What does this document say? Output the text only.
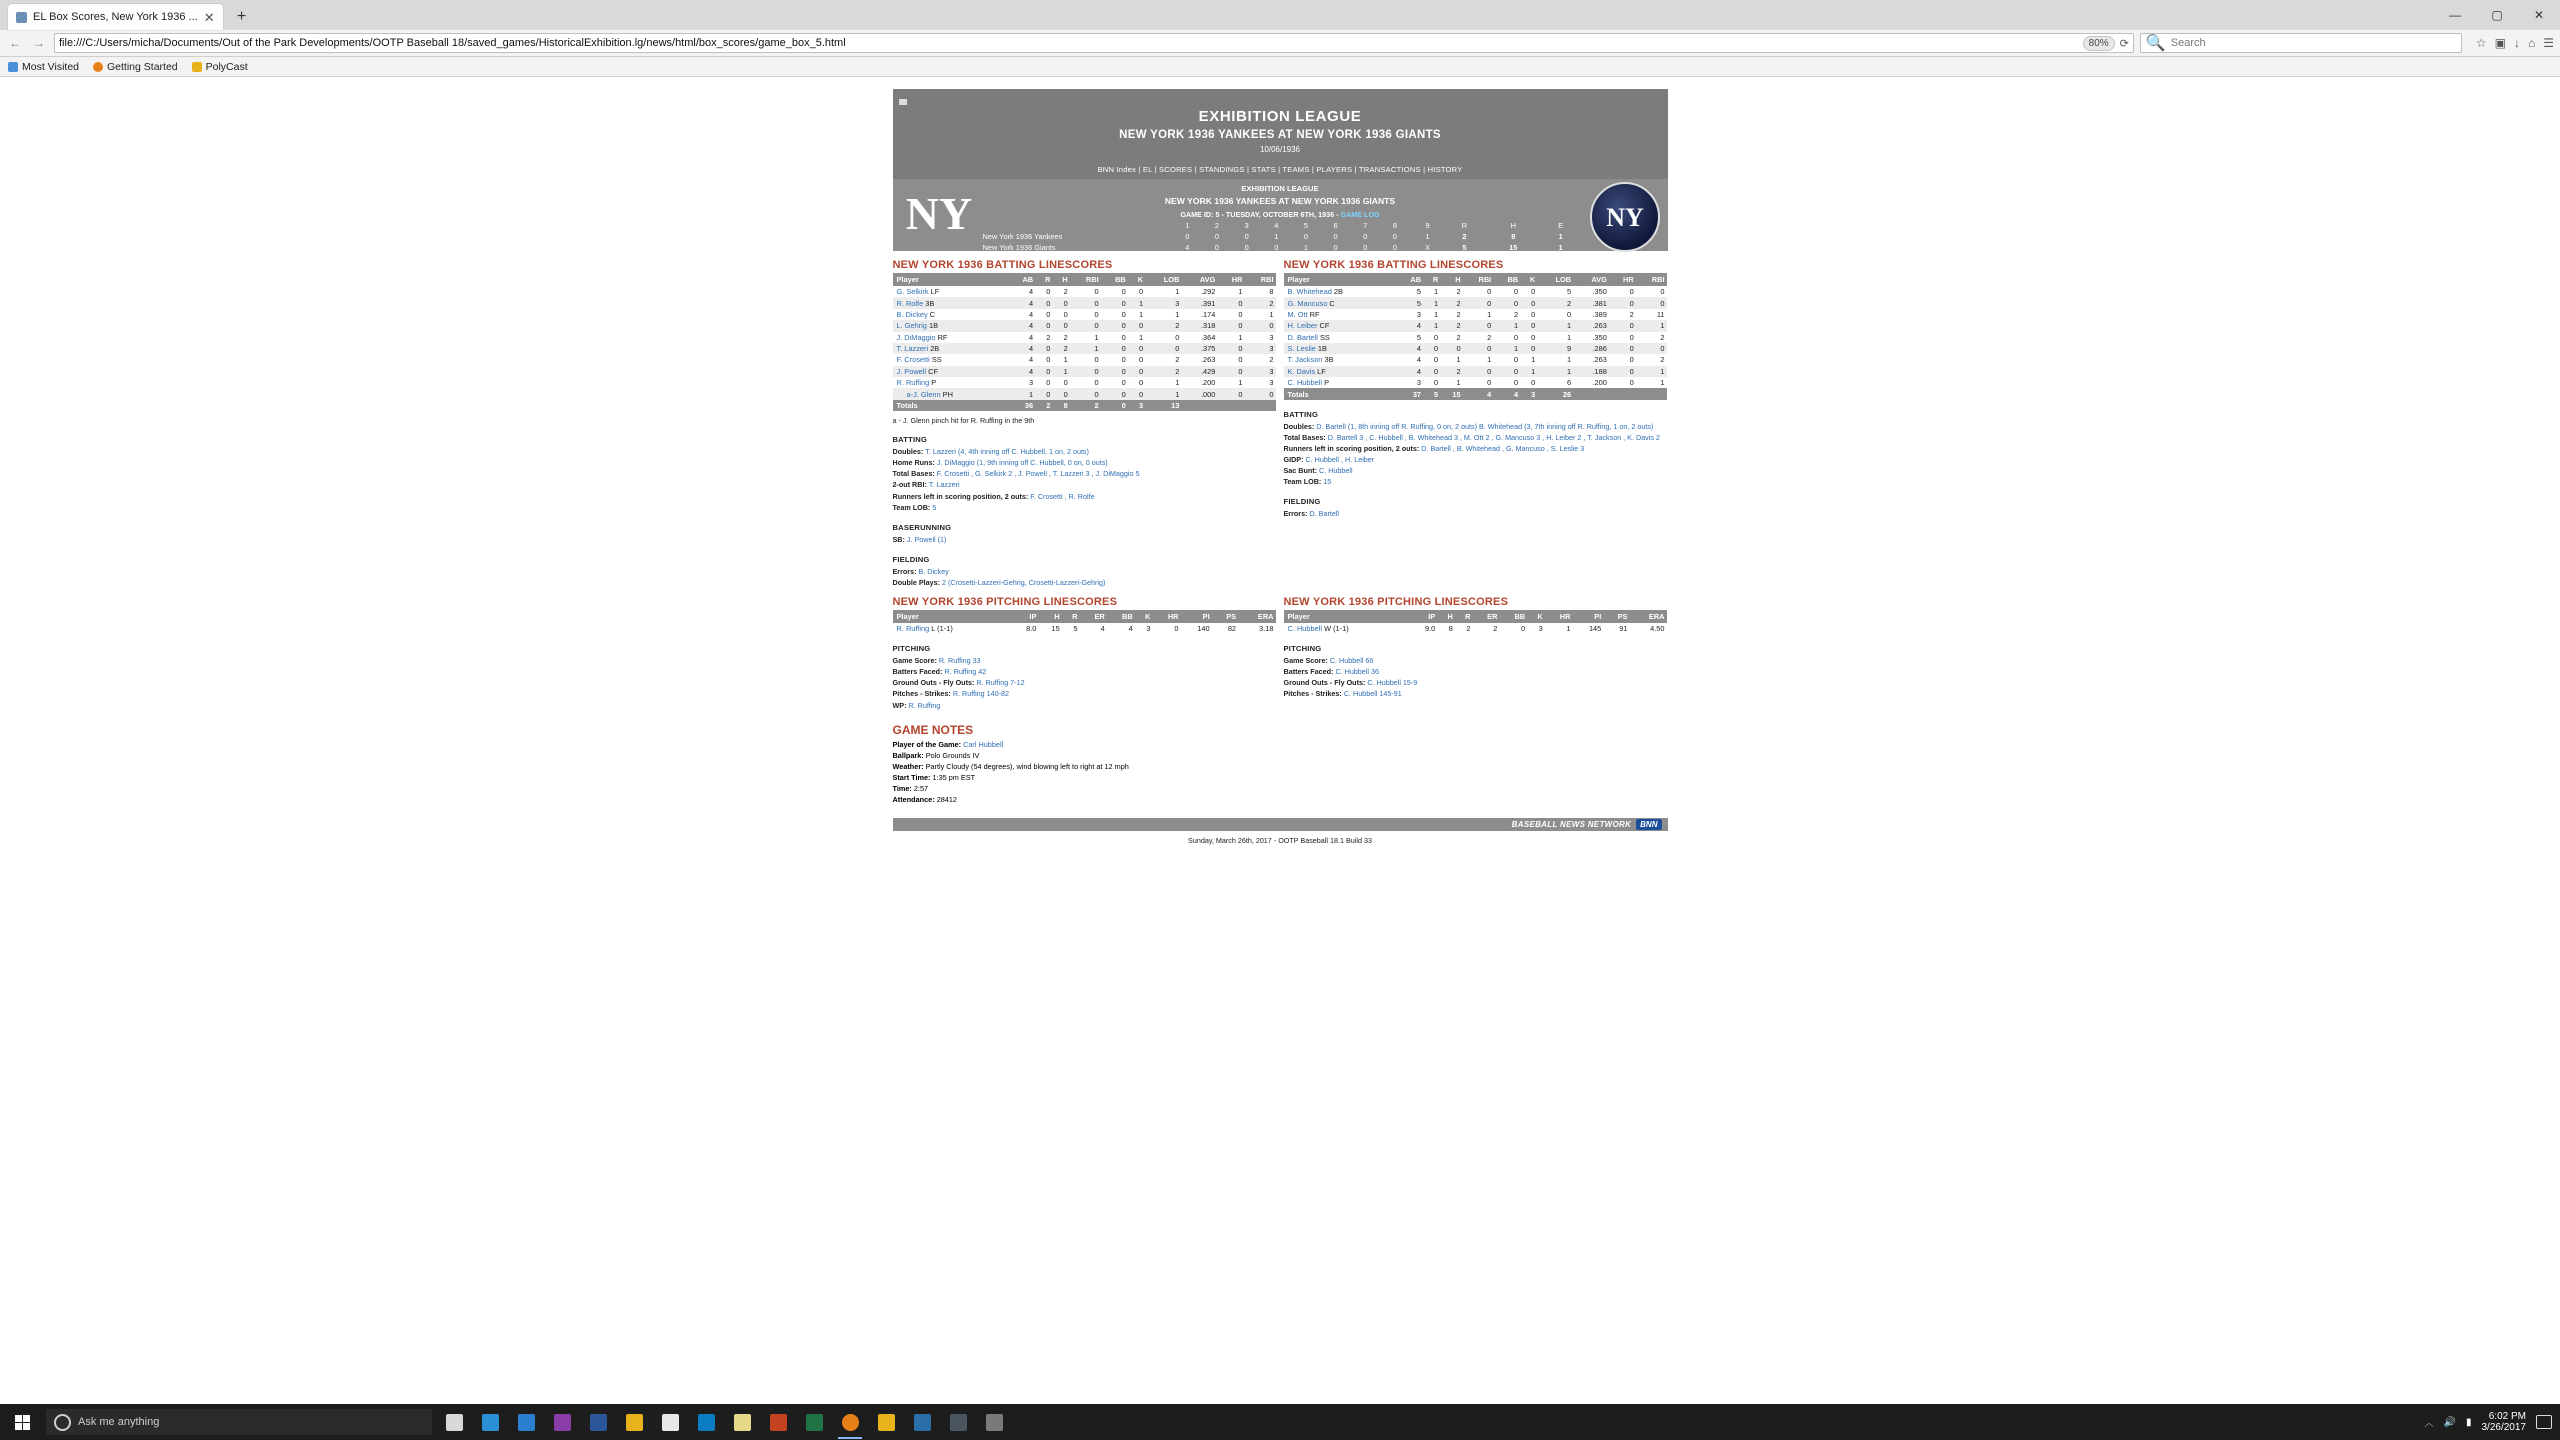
EL Box Scores, New York 1936 ... ✕	+	—	▢	✕
← → file:///C:/Users/micha/Documents/Out of the Park Developments/OOTP Baseball 18/saved_games/HistoricalExhibition.lg/news/html/box_scores/game_box_5.html	80%	⟳ 🔍 Search	☆ ▣ ↓ ⌂ ☰
Most Visited	Getting Started	PolyCast
EXHIBITION LEAGUE
NEW YORK 1936 YANKEES AT NEW YORK 1936 GIANTS
10/06/1936
BNN Index | EL | SCORES | STANDINGS | STATS | TEAMS | PLAYERS | TRANSACTIONS | HISTORY
NY	EXHIBITION LEAGUE
NEW YORK 1936 YANKEES AT NEW YORK 1936 GIANTS
GAME ID: 5 - TUESDAY, OCTOBER 6TH, 1936 - GAME LOG	NY
	1	2	3	4	5	6	7	8	9	R	H	E
New York 1936 Yankees	0	0	0	1	0	0	0	0	1	2	8	1
New York 1936 Giants	4	0	0	0	1	0	0	0	X	5	15	1
NEW YORK 1936 BATTING LINESCORES
Player	AB	R	H	RBI	BB	K	LOB	AVG	HR	RBI
G. Selkirk LF	4	0	2	0	0	0	1	.292	1	8
R. Rolfe 3B	4	0	0	0	0	1	3	.391	0	2
B. Dickey C	4	0	0	0	0	1	1	.174	0	1
L. Gehrig 1B	4	0	0	0	0	0	2	.318	0	0
J. DiMaggio RF	4	2	2	1	0	1	0	.364	1	3
T. Lazzeri 2B	4	0	2	1	0	0	0	.375	0	3
F. Crosetti SS	4	0	1	0	0	0	2	.263	0	2
J. Powell CF	4	0	1	0	0	0	2	.429	0	3
R. Ruffing P	3	0	0	0	0	0	1	.200	1	3
a-J. Glenn PH	1	0	0	0	0	0	1	.000	0	0
Totals	36	2	8	2	0	3	13			
a - J. Glenn pinch hit for R. Ruffing in the 9th
BATTING
Doubles: T. Lazzeri (4, 4th inning off C. Hubbell, 1 on, 2 outs)
Home Runs: J. DiMaggio (1, 9th inning off C. Hubbell, 0 on, 0 outs)
Total Bases: F. Crosetti , G. Selkirk 2 , J. Powell , T. Lazzeri 3 , J. DiMaggio 5
2-out RBI: T. Lazzeri
Runners left in scoring position, 2 outs: F. Crosetti , R. Rolfe
Team LOB: 5
BASERUNNING
SB: J. Powell (1)
FIELDING
Errors: B. Dickey
Double Plays: 2 (Crosetti-Lazzeri-Gehrig, Crosetti-Lazzeri-Gehrig)
NEW YORK 1936 BATTING LINESCORES
Player	AB	R	H	RBI	BB	K	LOB	AVG	HR	RBI
B. Whitehead 2B	5	1	2	0	0	0	5	.350	0	0
G. Mancuso C	5	1	2	0	0	0	2	.381	0	0
M. Ott RF	3	1	2	1	2	0	0	.389	2	11
H. Leiber CF	4	1	2	0	1	0	1	.263	0	1
D. Bartell SS	5	0	2	2	0	0	1	.350	0	2
S. Leslie 1B	4	0	0	0	1	0	9	.286	0	0
T. Jackson 3B	4	0	1	1	0	1	1	.263	0	2
K. Davis LF	4	0	2	0	0	1	1	.188	0	1
C. Hubbell P	3	0	1	0	0	0	6	.200	0	1
Totals	37	5	15	4	4	3	26			
BATTING
Doubles: D. Bartell (1, 8th inning off R. Ruffing, 0 on, 2 outs) B. Whitehead (3, 7th inning off R. Ruffing, 1 on, 2 outs)
Total Bases: D. Bartell 3 , C. Hubbell , B. Whitehead 3 , M. Ott 2 , G. Mancuso 3 , H. Leiber 2 , T. Jackson , K. Davis 2
Runners left in scoring position, 2 outs: D. Bartell , B. Whitehead , G. Mancuso , S. Leslie 3
GIDP: C. Hubbell , H. Leiber
Sac Bunt: C. Hubbell
Team LOB: 15
FIELDING
Errors: D. Bartell
NEW YORK 1936 PITCHING LINESCORES
Player	IP	H	R	ER	BB	K	HR	PI	PS	ERA
R. Ruffing L (1-1)	8.0	15	5	4	4	3	0	140	82	3.18
PITCHING
Game Score: R. Ruffing 33
Batters Faced: R. Ruffing 42
Ground Outs - Fly Outs: R. Ruffing 7-12
Pitches - Strikes: R. Ruffing 140-82
WP: R. Ruffing
NEW YORK 1936 PITCHING LINESCORES
Player	IP	H	R	ER	BB	K	HR	PI	PS	ERA
C. Hubbell W (1-1)	9.0	8	2	2	0	3	1	145	91	4.50
PITCHING
Game Score: C. Hubbell 66
Batters Faced: C. Hubbell 36
Ground Outs - Fly Outs: C. Hubbell 15-9
Pitches - Strikes: C. Hubbell 145-91
GAME NOTES
Player of the Game: Carl Hubbell
Ballpark: Polo Grounds IV
Weather: Partly Cloudy (54 degrees), wind blowing left to right at 12 mph
Start Time: 1:35 pm EST
Time: 2:57
Attendance: 28412
BASEBALL NEWS NETWORK	BNN
Sunday, March 26th, 2017 - OOTP Baseball 18.1 Build 33
Ask me anything	︿ 🔊 ▮
6:02 PM
3/26/2017
